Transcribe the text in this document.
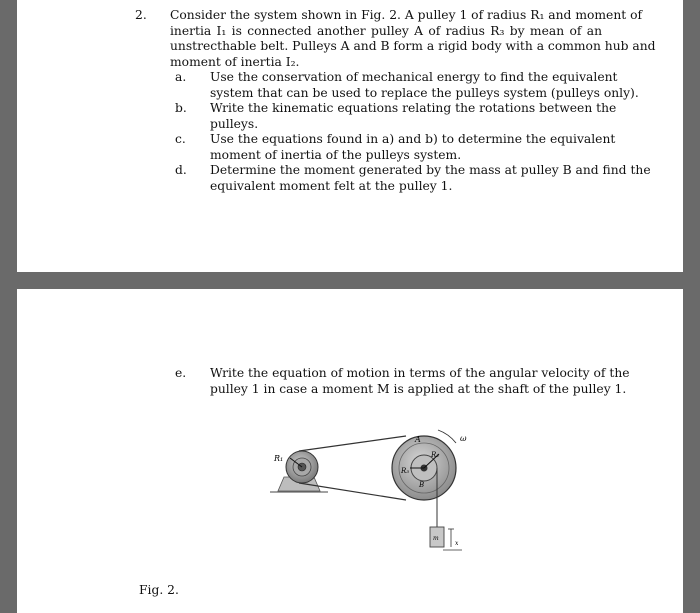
2. Consider the system shown in Fig. 2. A pulley 1 of radius R₁ and moment of
inertia I₁ is connected another pulley A of radius R₃ by mean of an
unstrecthable belt. Pulleys A and B form a rigid body with a common hub and
moment of inertia I₂.
a. Use the conservation of mechanical energy to find the equivalent
system that can be used to replace the pulleys system (pulleys only).
b. Write the kinematic equations relating the rotations between the
pulleys.
c. Use the equations found in a) and b) to determine the equivalent
moment of inertia of the pulleys system.
d. Determine the moment generated by the mass at pulley B and find the
equivalent moment felt at the pulley 1.
e. Write the equation of motion in terms of the angular velocity of the
pulley 1 in case a moment M is applied at the shaft of the pulley 1.
R₁
A	ω
R₂
R₃
B
m
x
Fig. 2.
